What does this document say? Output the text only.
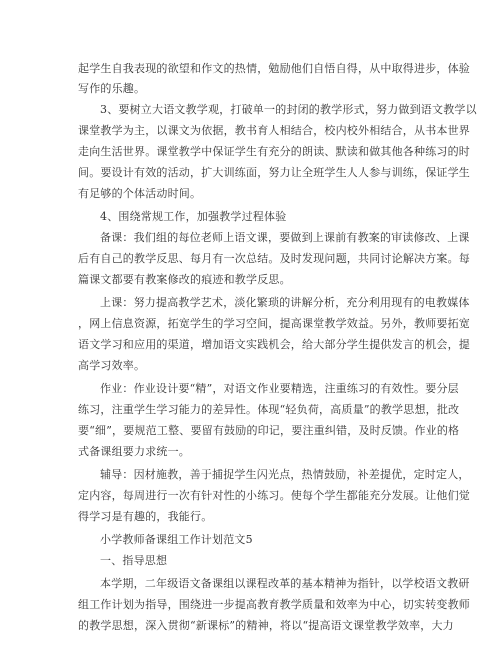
起学生自我表现的欲望和作文的热情，勉励他们自悟自得，从中取得进步，体验
写作的乐趣。
3、要树立大语文教学观，打破单一的封闭的教学形式，努力做到语文教学以
课堂教学为主，以课文为依据，教书育人相结合，校内校外相结合，从书本世界
走向生活世界。课堂教学中保证学生有充分的朗读、默读和做其他各种练习的时
间。要设计有效的活动，扩大训练面，努力让全班学生人人参与训练，保证学生
有足够的个体活动时间。
4、围绕常规工作，加强教学过程体验
备课：我们组的每位老师上语文课，要做到上课前有教案的审读修改、上课
后有自己的教学反思、每月有一次总结。及时发现问题，共同讨论解决方案。每
篇课文都要有教案修改的痕迹和教学反思。
上课：努力提高教学艺术，淡化繁琐的讲解分析，充分利用现有的电教媒体
，网上信息资源，拓宽学生的学习空间，提高课堂教学效益。另外，教师要拓宽
语文学习和应用的渠道，增加语文实践机会，给大部分学生提供发言的机会，提
高学习效率。
作业：作业设计要“精”，对语文作业要精选，注重练习的有效性。要分层
练习，注重学生学习能力的差异性。体现“轻负荷，高质量”的教学思想，批改
要“细”，要规范工整、要留有鼓励的印记，要注重纠错，及时反馈。作业的格
式备课组要力求统一。
辅导：因材施教，善于捕捉学生闪光点，热情鼓励，补差提优，定时定人，
定内容，每周进行一次有针对性的小练习。使每个学生都能充分发展。让他们觉
得学习是有趣的，我能行。
小学教师备课组工作计划范文5
一、指导思想
本学期，二年级语文备课组以课程改革的基本精神为指针，以学校语文教研
组工作计划为指导，围绕进一步提高教育教学质量和效率为中心，切实转变教师
的教学思想，深入贯彻“新课标”的精神，将以“提高语文课堂教学效率，大力
